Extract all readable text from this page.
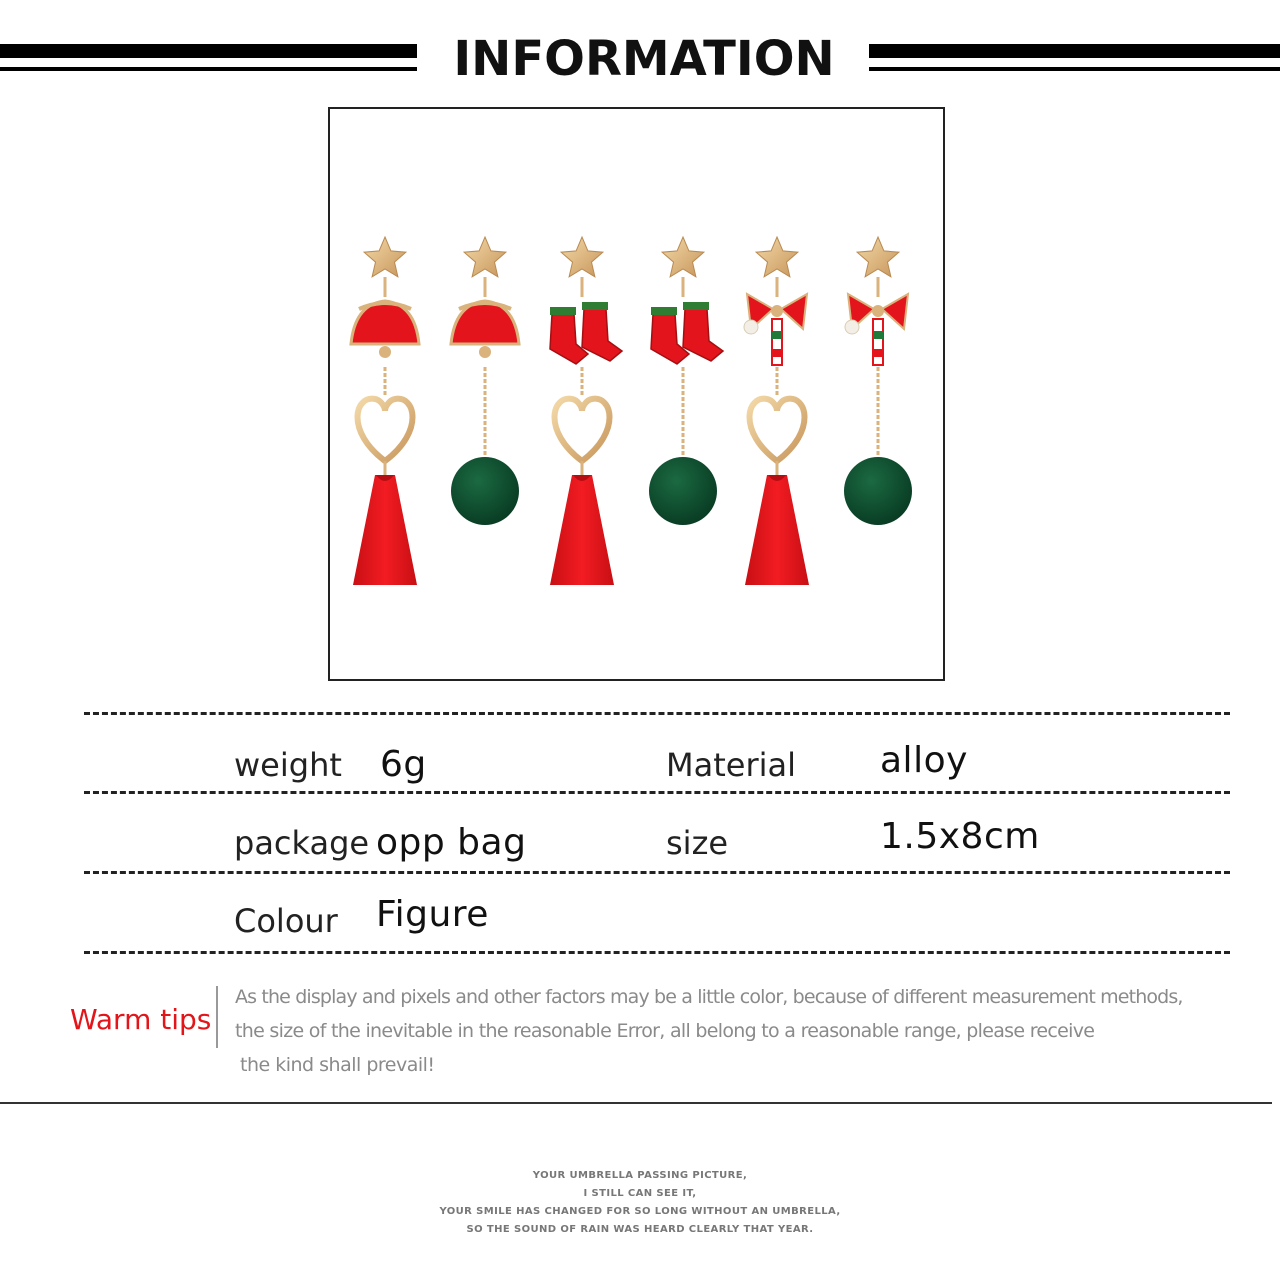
INFORMATION
weight 6g	Material alloy
package opp bag	size	1.5x8cm
Colour Figure
Warm tips
As the display and pixels and other factors may be a little color, because of different measurement methods,
the size of the inevitable in the reasonable Error, all belong to a reasonable range, please receive
the kind shall prevail!
YOUR UMBRELLA PASSING PICTURE,
I STILL CAN SEE IT,
YOUR SMILE HAS CHANGED FOR SO LONG WITHOUT AN UMBRELLA,
SO THE SOUND OF RAIN WAS HEARD CLEARLY THAT YEAR.
